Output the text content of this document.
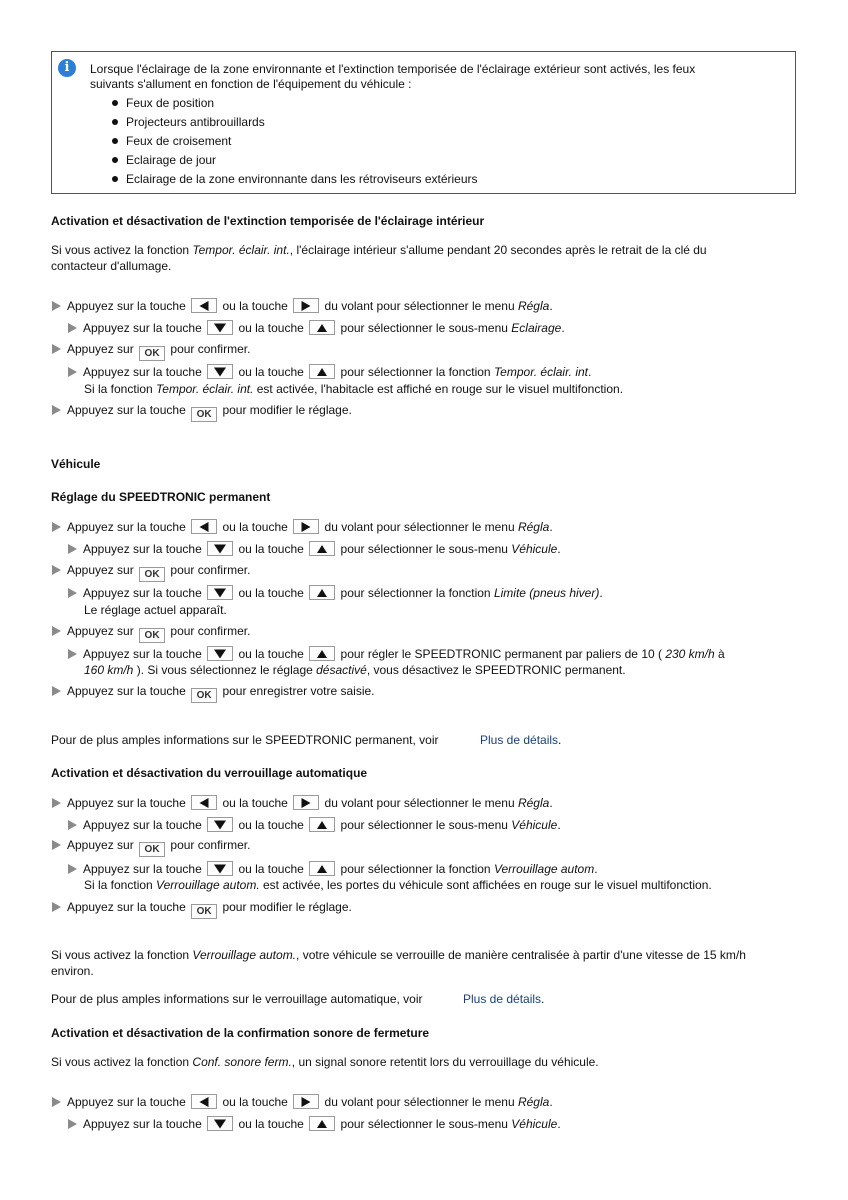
i	Lorsque l'éclairage de la zone environnante et l'extinction temporisée de l'éclairage extérieur sont activés, les feux
suivants s'allument en fonction de l'équipement du véhicule :
Feux de position
Projecteurs antibrouillards
Feux de croisement
Eclairage de jour
Eclairage de la zone environnante dans les rétroviseurs extérieurs
Activation et désactivation de l'extinction temporisée de l'éclairage intérieur
Si vous activez la fonction Tempor. éclair. int., l'éclairage intérieur s'allume pendant 20 secondes après le retrait de la clé du
contacteur d'allumage.
Appuyez sur la touche	ou la touche	du volant pour sélectionner le menu Régla.
Appuyez sur la touche	ou la touche	pour sélectionner le sous-menu Eclairage.
Appuyez sur OK pour confirmer.
Appuyez sur la touche	ou la touche	pour sélectionner la fonction Tempor. éclair. int.
Si la fonction Tempor. éclair. int. est activée, l'habitacle est affiché en rouge sur le visuel multifonction.
Appuyez sur la touche OK pour modifier le réglage.
Véhicule
Réglage du SPEEDTRONIC permanent
Appuyez sur la touche	ou la touche	du volant pour sélectionner le menu Régla.
Appuyez sur la touche	ou la touche	pour sélectionner le sous-menu Véhicule.
Appuyez sur OK pour confirmer.
Appuyez sur la touche	ou la touche	pour sélectionner la fonction Limite (pneus hiver).
Le réglage actuel apparaît.
Appuyez sur OK pour confirmer.
Appuyez sur la touche	ou la touche	pour régler le SPEEDTRONIC permanent par paliers de 10 ( 230 km/h à
160 km/h ). Si vous sélectionnez le réglage désactivé, vous désactivez le SPEEDTRONIC permanent.
Appuyez sur la touche OK pour enregistrer votre saisie.
Pour de plus amples informations sur le SPEEDTRONIC permanent, voir	Plus de détails.
Activation et désactivation du verrouillage automatique
Appuyez sur la touche	ou la touche	du volant pour sélectionner le menu Régla.
Appuyez sur la touche	ou la touche	pour sélectionner le sous-menu Véhicule.
Appuyez sur OK pour confirmer.
Appuyez sur la touche	ou la touche	pour sélectionner la fonction Verrouillage autom.
Si la fonction Verrouillage autom. est activée, les portes du véhicule sont affichées en rouge sur le visuel multifonction.
Appuyez sur la touche OK pour modifier le réglage.
Si vous activez la fonction Verrouillage autom., votre véhicule se verrouille de manière centralisée à partir d'une vitesse de 15 km/h
environ.
Pour de plus amples informations sur le verrouillage automatique, voir	Plus de détails.
Activation et désactivation de la confirmation sonore de fermeture
Si vous activez la fonction Conf. sonore ferm., un signal sonore retentit lors du verrouillage du véhicule.
Appuyez sur la touche	ou la touche	du volant pour sélectionner le menu Régla.
Appuyez sur la touche	ou la touche	pour sélectionner le sous-menu Véhicule.
